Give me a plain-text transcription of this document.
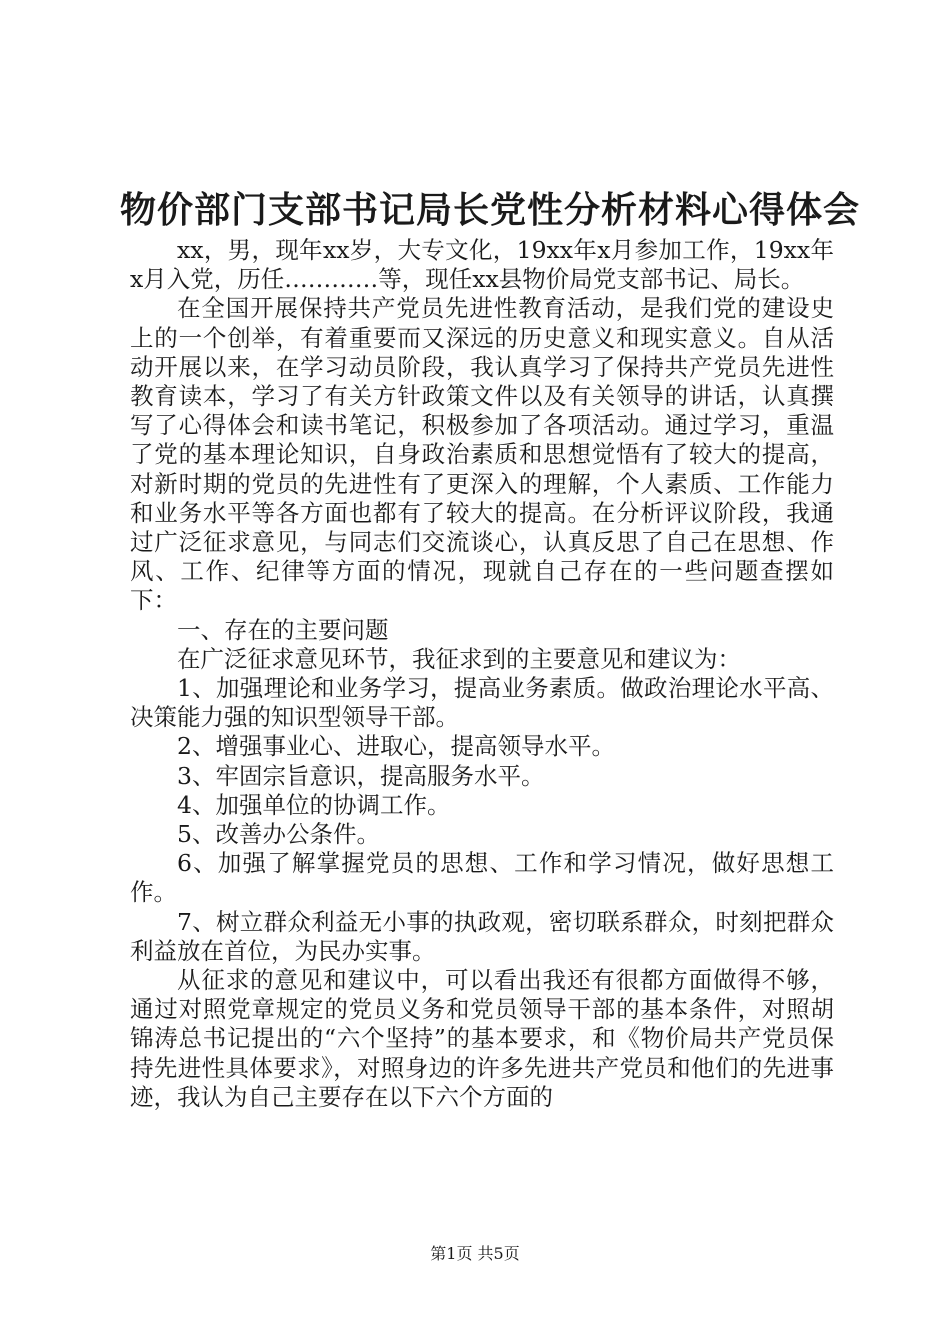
物价部门支部书记局长党性分析材料心得体会

xx，男，现年xx岁，大专文化，19xx年x月参加工作，19xx年x月入党，历任…………等，现任xx县物价局党支部书记、局长。

在全国开展保持共产党员先进性教育活动，是我们党的建设史上的一个创举，有着重要而又深远的历史意义和现实意义。自从活动开展以来，在学习动员阶段，我认真学习了保持共产党员先进性教育读本，学习了有关方针政策文件以及有关领导的讲话，认真撰写了心得体会和读书笔记，积极参加了各项活动。通过学习，重温了党的基本理论知识，自身政治素质和思想觉悟有了较大的提高，对新时期的党员的先进性有了更深入的理解，个人素质、工作能力和业务水平等各方面也都有了较大的提高。在分析评议阶段，我通过广泛征求意见，与同志们交流谈心，认真反思了自己在思想、作风、工作、纪律等方面的情况，现就自己存在的一些问题查摆如下：

一、存在的主要问题

在广泛征求意见环节，我征求到的主要意见和建议为：

1、加强理论和业务学习，提高业务素质。做政治理论水平高、决策能力强的知识型领导干部。

2、增强事业心、进取心，提高领导水平。

3、牢固宗旨意识，提高服务水平。

4、加强单位的协调工作。

5、改善办公条件。

6、加强了解掌握党员的思想、工作和学习情况，做好思想工作。

7、树立群众利益无小事的执政观，密切联系群众，时刻把群众利益放在首位，为民办实事。

从征求的意见和建议中，可以看出我还有很都方面做得不够，通过对照党章规定的党员义务和党员领导干部的基本条件，对照胡锦涛总书记提出的“六个坚持”的基本要求，和《物价局共产党员保持先进性具体要求》，对照身边的许多先进共产党员和他们的先进事迹，我认为自己主要存在以下六个方面的

第1页 共5页
